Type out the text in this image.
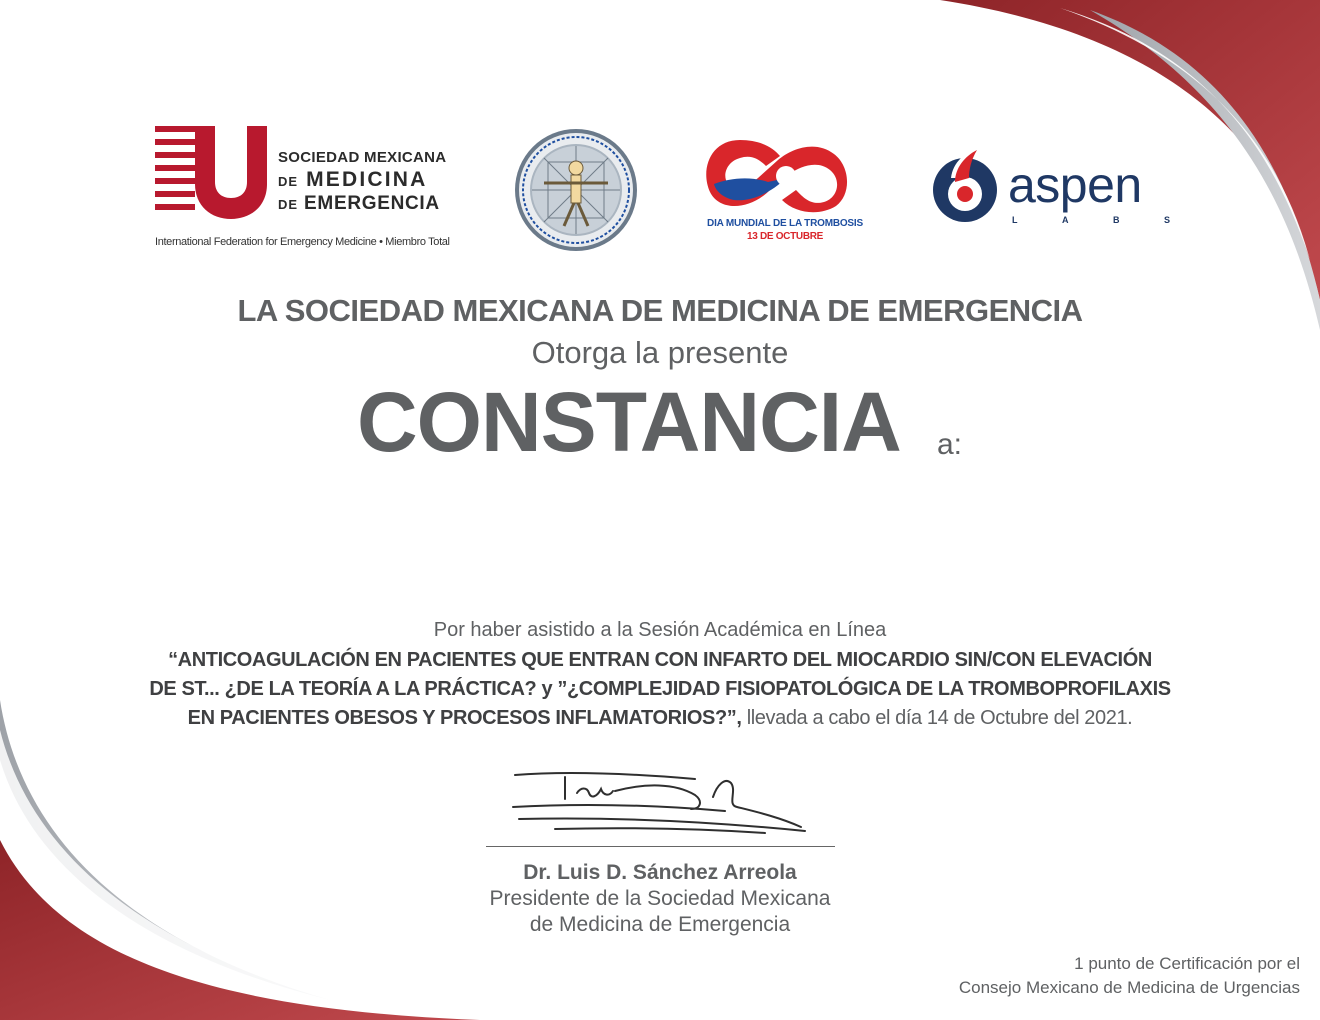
SOCIEDAD MEXICANA
DE MEDICINA
DE EMERGENCIA
International Federation for Emergency Medicine • Miembro Total
DIA MUNDIAL DE LA TROMBOSIS
13 DE OCTUBRE
aspen
L	A	B	S
LA SOCIEDAD MEXICANA DE MEDICINA DE EMERGENCIA
Otorga la presente
CONSTANCIA a:
Por haber asistido a la Sesión Académica en Línea
“ANTICOAGULACIÓN EN PACIENTES QUE ENTRAN CON INFARTO DEL MIOCARDIO SIN/CON ELEVACIÓN
DE ST... ¿DE LA TEORÍA A LA PRÁCTICA? y ”¿COMPLEJIDAD FISIOPATOLÓGICA DE LA TROMBOPROFILAXIS
EN PACIENTES OBESOS Y PROCESOS INFLAMATORIOS?”, llevada a cabo el día 14 de Octubre del 2021.
Dr. Luis D. Sánchez Arreola
Presidente de la Sociedad Mexicana
de Medicina de Emergencia
1 punto de Certificación por el
Consejo Mexicano de Medicina de Urgencias
